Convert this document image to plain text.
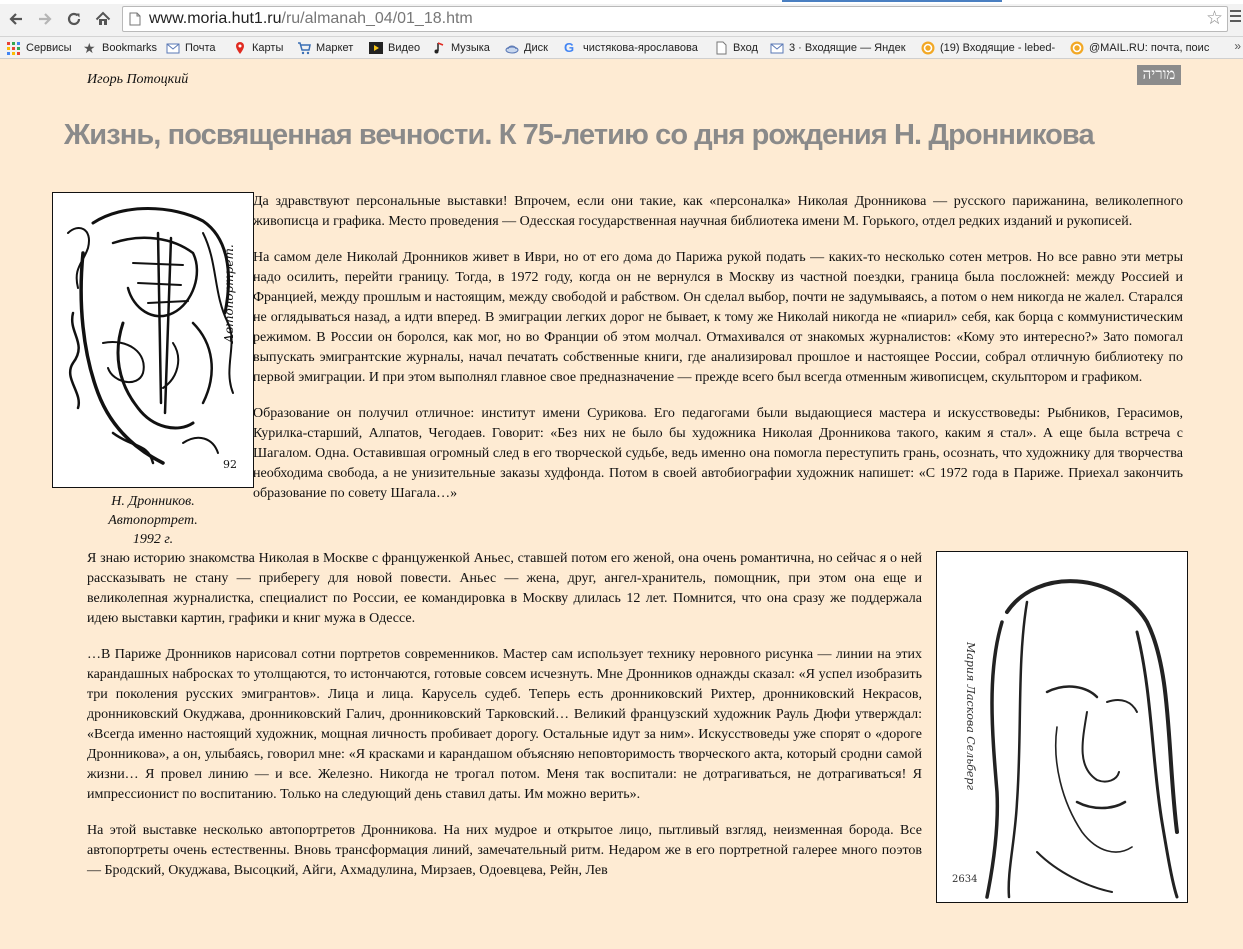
www.moria.hut1.ru/ru/almanah_04/01_18.htm	☆
Сервисы ★ Bookmarks	Почта	Карты	Маркет	Видео	Музыка	Диск G чистякова-ярославова	Вход	3 · Входящие — Яндек	(19) Входящие - lebed-	@MAIL.RU: почта, поис »
Игорь Потоцкий	מוריה
Жизнь, посвященная вечности. К 75-летию со дня рождения Н. Дронникова
Автопортрет.
92
Н. Дронников.
Автопортрет.
1992 г.

Да здравствуют персональные выставки! Впрочем, если они такие, как «персоналка» Николая Дронникова — русского парижанина, великолепного живописца и графика. Место проведения — Одесская государственная научная библиотека имени М. Горького, отдел редких изданий и рукописей.

На самом деле Николай Дронников живет в Иври, но от его дома до Парижа рукой подать — каких-то несколько сотен метров. Но все равно эти метры надо осилить, перейти границу. Тогда, в 1972 году, когда он не вернулся в Москву из частной поездки, граница была посложней: между Россией и Францией, между прошлым и настоящим, между свободой и рабством. Он сделал выбор, почти не задумываясь, а потом о нем никогда не жалел. Старался не оглядываться назад, а идти вперед. В эмиграции легких дорог не бывает, к тому же Николай никогда не «пиарил» себя, как борца с коммунистическим режимом. В России он боролся, как мог, но во Франции об этом молчал. Отмахивался от знакомых журналистов: «Кому это интересно?» Зато помогал выпускать эмигрантские журналы, начал печатать собственные книги, где анализировал прошлое и настоящее России, собрал отличную библиотеку по первой эмиграции. И при этом выполнял главное свое предназначение — прежде всего был всегда отменным живописцем, скульптором и графиком.

Образование он получил отличное: институт имени Сурикова. Его педагогами были выдающиеся мастера и искусствоведы: Рыбников, Герасимов, Курилка-старший, Алпатов, Чегодаев. Говорит: «Без них не было бы художника Николая Дронникова такого, каким я стал». А еще была встреча с Шагалом. Одна. Оставившая огромный след в его творческой судьбе, ведь именно она помогла переступить грань, осознать, что художнику для творчества необходима свобода, а не унизительные заказы худфонда. Потом в своей автобиографии художник напишет: «С 1972 года в Париже. Приехал закончить образование по совету Шагала…»

Мария Ласкова Сельберг
2634

Я знаю историю знакомства Николая в Москве с француженкой Аньес, ставшей потом его женой, она очень романтична, но сейчас я о ней рассказывать не стану — приберегу для новой повести. Аньес — жена, друг, ангел-хранитель, помощник, при этом она еще и великолепная журналистка, специалист по России, ее командировка в Москву длилась 12 лет. Помнится, что она сразу же поддержала идею выставки картин, графики и книг мужа в Одессе.

…В Париже Дронников нарисовал сотни портретов современников. Мастер сам использует технику неровного рисунка — линии на этих карандашных набросках то утолщаются, то истончаются, готовые совсем исчезнуть. Мне Дронников однажды сказал: «Я успел изобразить три поколения русских эмигрантов». Лица и лица. Карусель судеб. Теперь есть дронниковский Рихтер, дронниковский Некрасов, дронниковский Окуджава, дронниковский Галич, дронниковский Тарковский… Великий французский художник Рауль Дюфи утверждал: «Всегда именно настоящий художник, мощная личность пробивает дорогу. Остальные идут за ним». Искусствоведы уже спорят о «дороге Дронникова», а он, улыбаясь, говорил мне: «Я красками и карандашом объясняю неповторимость творческого акта, который сродни самой жизни… Я провел линию — и все. Железно. Никогда не трогал потом. Меня так воспитали: не дотрагиваться, не дотрагиваться! Я импрессионист по воспитанию. Только на следующий день ставил даты. Им можно верить».

На этой выставке несколько автопортретов Дронникова. На них мудрое и открытое лицо, пытливый взгляд, неизменная борода. Все автопортреты очень естественны. Вновь трансформация линий, замечательный ритм. Недаром же в его портретной галерее много поэтов — Бродский, Окуджава, Высоцкий, Айги, Ахмадулина, Мирзаев, Одоевцева, Рейн, Лев
